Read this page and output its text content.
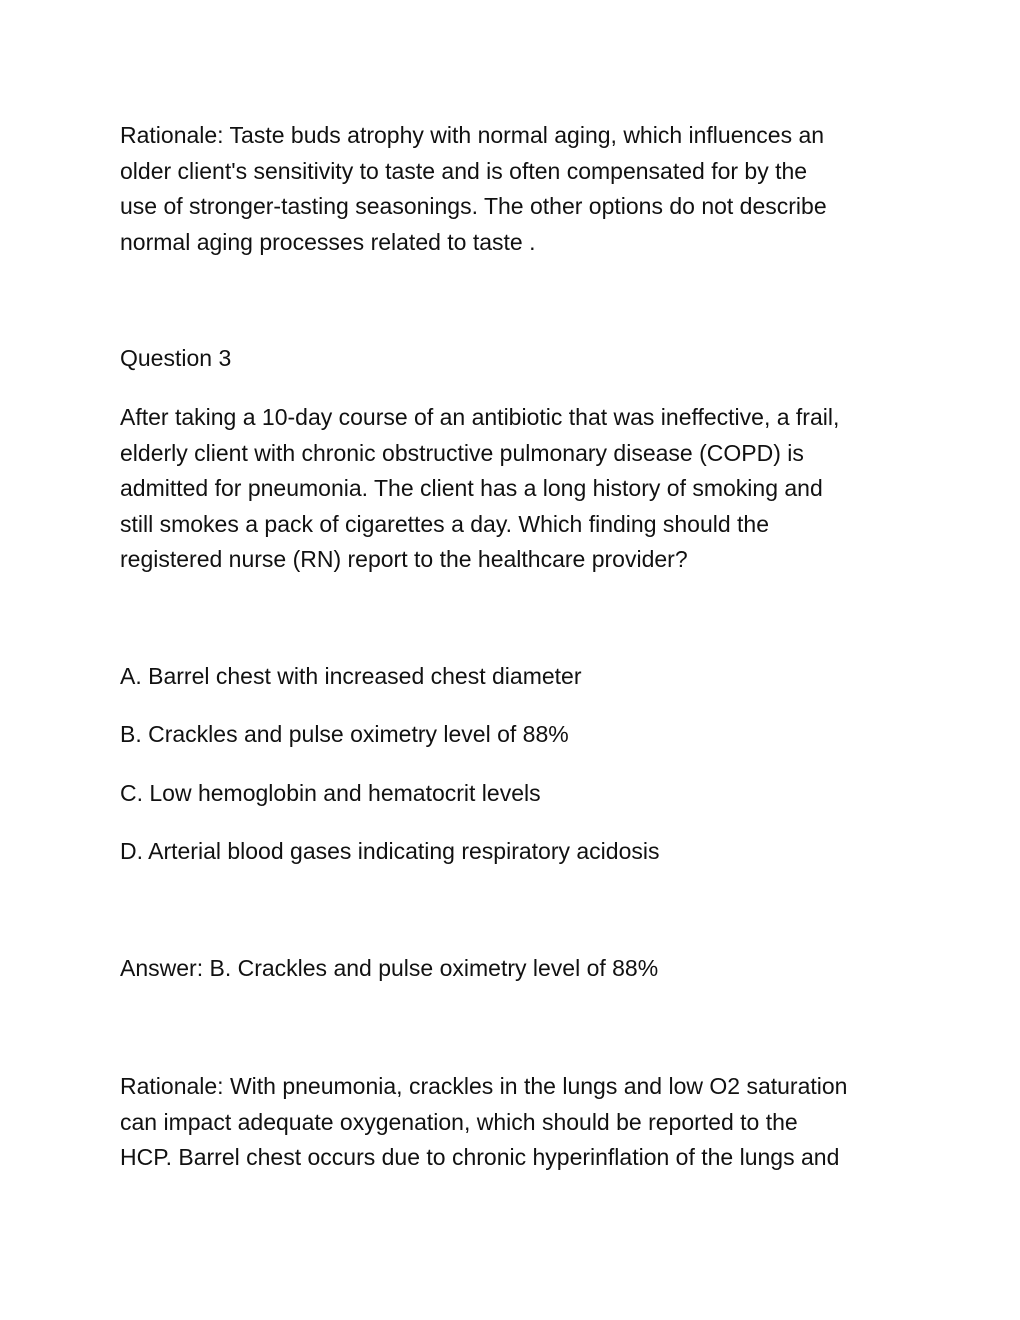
Rationale: Taste buds atrophy with normal aging, which influences an
older client's sensitivity to taste and is often compensated for by the
use of stronger-tasting seasonings. The other options do not describe
normal aging processes related to taste .
Question 3
After taking a 10-day course of an antibiotic that was ineffective, a frail,
elderly client with chronic obstructive pulmonary disease (COPD) is
admitted for pneumonia. The client has a long history of smoking and
still smokes a pack of cigarettes a day. Which finding should the
registered nurse (RN) report to the healthcare provider?
A. Barrel chest with increased chest diameter
B. Crackles and pulse oximetry level of 88%
C. Low hemoglobin and hematocrit levels
D. Arterial blood gases indicating respiratory acidosis
Answer: B. Crackles and pulse oximetry level of 88%
Rationale: With pneumonia, crackles in the lungs and low O2 saturation
can impact adequate oxygenation, which should be reported to the
HCP. Barrel chest occurs due to chronic hyperinflation of the lungs and
